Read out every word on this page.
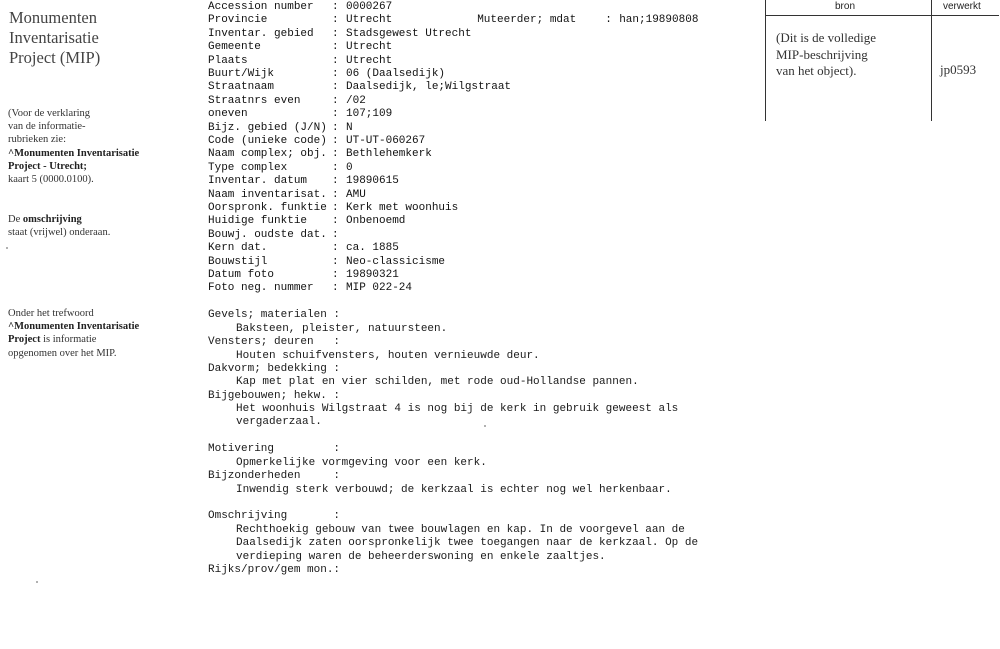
Monumenten
Inventarisatie
Project (MIP)
(Voor de verklaring
van de informatie-
rubrieken zie:
^Monumenten Inventarisatie
Project - Utrecht;
kaart 5 (0000.0100).
De omschrijving
staat (vrijwel) onderaan.
Onder het trefwoord
^Monumenten Inventarisatie
Project is informatie
opgenomen over het MIP.

Muteerder; mdat	: han;19890808

Accession number : 0000267
Provincie	: Utrecht
Inventar. gebied : Stadsgewest Utrecht
Gemeente	: Utrecht
Plaats	: Utrecht
Buurt/Wijk	: 06 (Daalsedijk)
Straatnaam	: Daalsedijk, le;Wilgstraat
Straatnrs even	: /02
oneven	: 107;109
Bijz. gebied (J/N) : N
Code (unieke code) : UT-UT-060267
Naam complex; obj. : Bethlehemkerk
Type complex	: 0
Inventar. datum : 19890615
Naam inventarisat. : AMU
Oorspronk. funktie : Kerk met woonhuis
Huidige funktie : Onbenoemd
Bouwj. oudste dat. :
Kern dat.	: ca. 1885
Bouwstijl	: Neo-classicisme
Datum foto	: 19890321
Foto neg. nummer : MIP 022-24
Gevels; materialen :
Baksteen, pleister, natuursteen.
Vensters; deuren   :
Houten schuifvensters, houten vernieuwde deur.
Dakvorm; bedekking :
Kap met plat en vier schilden, met rode oud-Hollandse pannen.
Bijgebouwen; hekw. :
Het woonhuis Wilgstraat 4 is nog bij de kerk in gebruik geweest als
vergaderzaal.
Motivering         :
Opmerkelijke vormgeving voor een kerk.
Bijzonderheden     :
Inwendig sterk verbouwd; de kerkzaal is echter nog wel herkenbaar.
Omschrijving       :
Rechthoekig gebouw van twee bouwlagen en kap. In de voorgevel aan de
Daalsedijk zaten oorspronkelijk twee toegangen naar de kerkzaal. Op de
verdieping waren de beheerderswoning en enkele zaaltjes.
Rijks/prov/gem mon.:
bron	verwerkt
(Dit is de volledige
MIP-beschrijving
van het object).	jp0593
